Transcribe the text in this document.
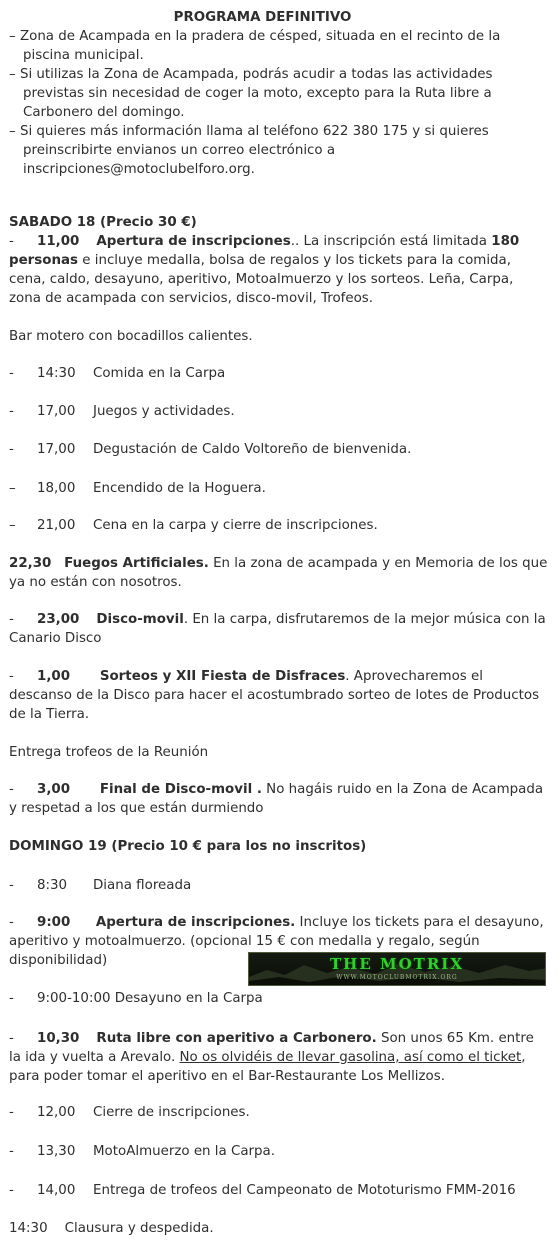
PROGRAMA DEFINITIVO
– Zona de Acampada en la pradera de césped, situada en el recinto de la piscina municipal.
– Si utilizas la Zona de Acampada, podrás acudir a todas las actividades previstas sin necesidad de coger la moto, excepto para la Ruta libre a Carbonero del domingo.
– Si quieres más información llama al teléfono 622 380 175 y si quieres preinscribirte envianos un correo electrónico a inscripciones@motoclubelforo.org.
SABADO 18 (Precio 30 €)
- 11,00 Apertura de inscripciones.. La inscripción está limitada 180 personas e incluye medalla, bolsa de regalos y los tickets para la comida, cena, caldo, desayuno, aperitivo, Motoalmuerzo y los sorteos. Leña, Carpa, zona de acampada con servicios, disco-movil, Trofeos.
Bar motero con bocadillos calientes.
- 14:30 Comida en la Carpa
- 17,00 Juegos y actividades.
- 17,00 Degustación de Caldo Voltoreño de bienvenida.
– 18,00 Encendido de la Hoguera.
– 21,00 Cena en la carpa y cierre de inscripciones.
22,30 Fuegos Artificiales. En la zona de acampada y en Memoria de los que ya no están con nosotros.
- 23,00 Disco-movil. En la carpa, disfrutaremos de la mejor música con la Canario Disco
- 1,00 Sorteos y XII Fiesta de Disfraces. Aprovecharemos el descanso de la Disco para hacer el acostumbrado sorteo de lotes de Productos de la Tierra.
Entrega trofeos de la Reunión
- 3,00 Final de Disco-movil . No hagáis ruido en la Zona de Acampada y respetad a los que están durmiendo
DOMINGO 19 (Precio 10 € para los no inscritos)
- 8:30 Diana floreada
- 9:00 Apertura de inscripciones. Incluye los tickets para el desayuno, aperitivo y motoalmuerzo. (opcional 15 € con medalla y regalo, según disponibilidad)	THE MOTRIX
WWW.MOTOCLUBMOTRIX.ORG
- 9:00-10:00 Desayuno en la Carpa
- 10,30 Ruta libre con aperitivo a Carbonero. Son unos 65 Km. entre la ida y vuelta a Arevalo. No os olvidéis de llevar gasolina, así como el ticket, para poder tomar el aperitivo en el Bar-Restaurante Los Mellizos.
- 12,00 Cierre de inscripciones.
- 13,30 MotoAlmuerzo en la Carpa.
- 14,00 Entrega de trofeos del Campeonato de Mototurismo FMM-2016
14:30 Clausura y despedida.
